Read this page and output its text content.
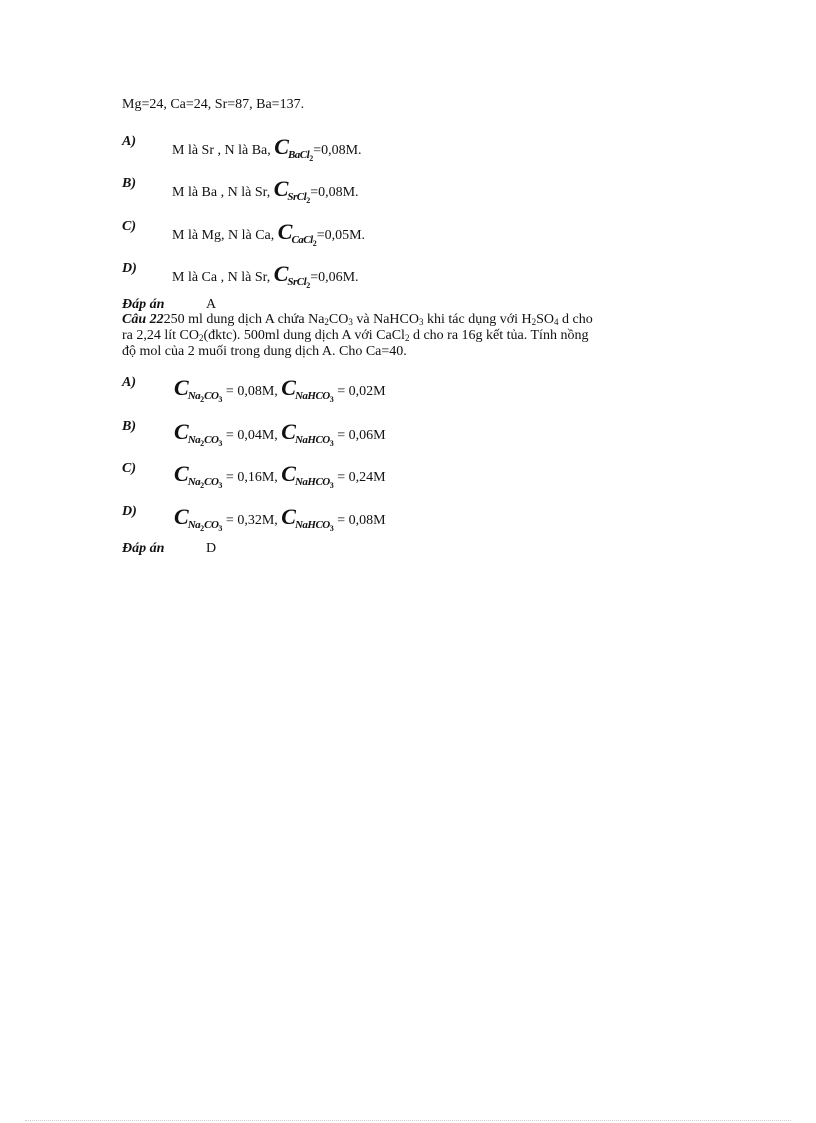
Mg=24, Ca=24, Sr=87, Ba=137.
A)
M là Sr , N là Ba, $C_{BaCl2}=0,08M$.
B)
M là Ba , N là Sr, $C_{SrCl2}=0,08M$.
C)
M là Mg, N là Ca, $C_{CaCl2}=0,05M$.
D)
M là Ca , N là Sr, $C_{SrCl2}=0,06M$.
Đáp án	A
Câu 22250 ml dung dịch A chứa $Na_2CO_3$ và NaHCO$_3$ khi tác dụng với $H_2SO_4$ d cho
ra 2,24 lít $CO_2(đktc)$. 500ml dung dịch A với CaCl$_2$ d cho ra 16g kết tủa. Tính nồng
độ mol của 2 muối trong dung dịch A. Cho Ca=40.
A) $C_{Na2CO3} = 0,08M$, $C_{NaHCO3} = 0,02M$
B) $C_{Na2CO3} = 0,04M$, $C_{NaHCO3} = 0,06M$
C) $C_{Na2CO3} = 0,16M$, $C_{NaHCO3} = 0,24M$
D) $C_{Na2CO3} = 0,32M$, $C_{NaHCO3} = 0,08M$
Đáp án	D
